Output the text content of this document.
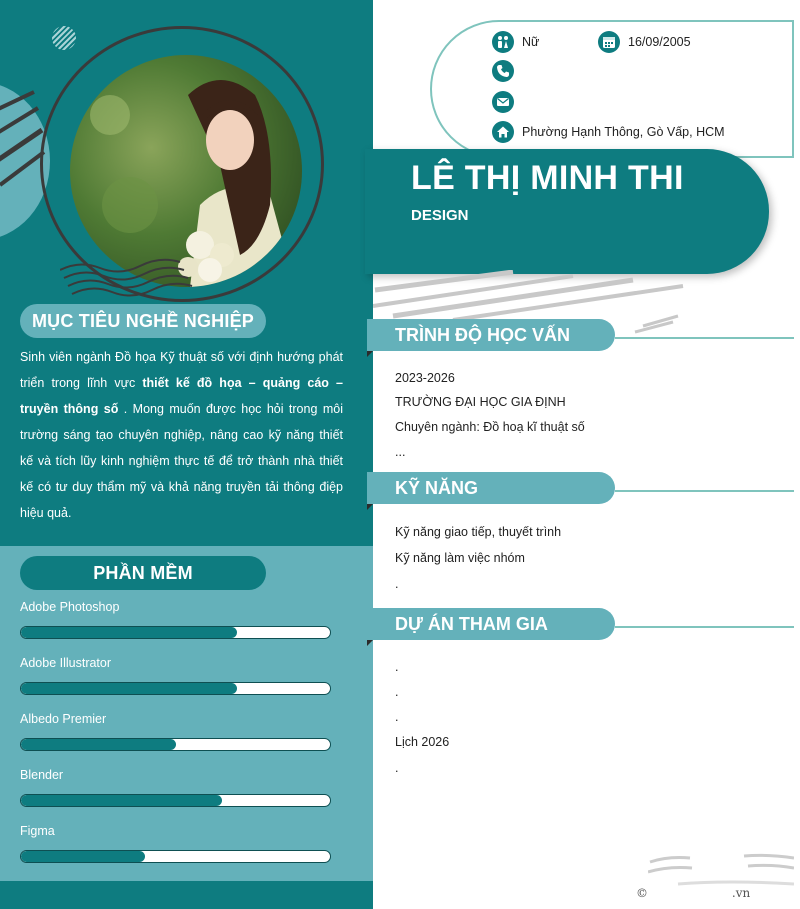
MỤC TIÊU NGHỀ NGHIỆP
Sinh viên ngành Đồ họa Kỹ thuật số với định hướng phát triển trong lĩnh vực thiết kế đồ họa – quảng cáo – truyền thông số . Mong muốn được học hỏi trong môi trường sáng tạo chuyên nghiệp, nâng cao kỹ năng thiết kế và tích lũy kinh nghiệm thực tế để trở thành nhà thiết kế có tư duy thẩm mỹ và khả năng truyền tải thông điệp hiệu quả.
PHẦN MỀM
Adobe Photoshop
Adobe Illustrator
Albedo Premier
Blender
Figma
Nữ	16/09/2005
Phường Hạnh Thông, Gò Vấp, HCM
LÊ THỊ MINH THI
DESIGN
TRÌNH ĐỘ HỌC VẤN
2023-2026
TRƯỜNG ĐẠI HỌC GIA ĐỊNH
Chuyên ngành: Đồ hoạ kĩ thuật số
...
KỸ NĂNG
Kỹ năng giao tiếp, thuyết trình
Kỹ năng làm việc nhóm
.
DỰ ÁN THAM GIA
.
.
.
Lịch 2026
.
©                      .vn
